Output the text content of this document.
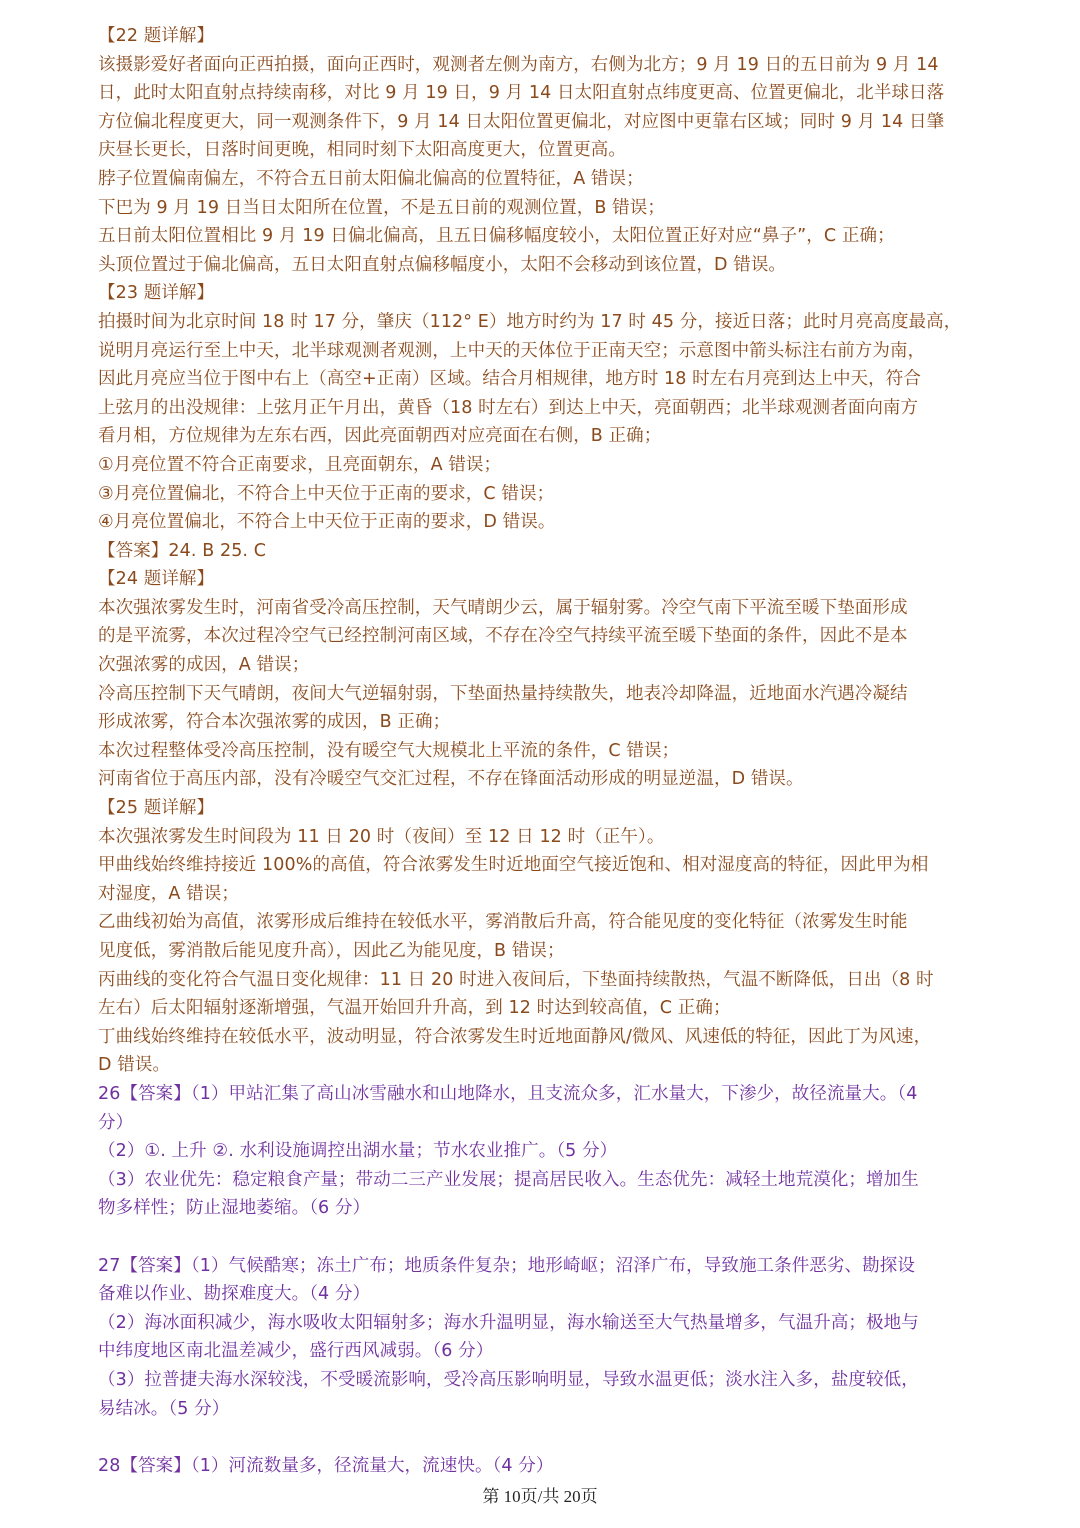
【22 题详解】
该摄影爱好者面向正西拍摄，面向正西时，观测者左侧为南方，右侧为北方；9 月 19 日的五日前为 9 月 14
日，此时太阳直射点持续南移，对比 9 月 19 日，9 月 14 日太阳直射点纬度更高、位置更偏北，北半球日落
方位偏北程度更大，同一观测条件下，9 月 14 日太阳位置更偏北，对应图中更靠右区域；同时 9 月 14 日肇
庆昼长更长，日落时间更晚，相同时刻下太阳高度更大，位置更高。
脖子位置偏南偏左，不符合五日前太阳偏北偏高的位置特征，A 错误；
下巴为 9 月 19 日当日太阳所在位置，不是五日前的观测位置，B 错误；
五日前太阳位置相比 9 月 19 日偏北偏高，且五日偏移幅度较小，太阳位置正好对应“鼻子”，C 正确；
头顶位置过于偏北偏高，五日太阳直射点偏移幅度小，太阳不会移动到该位置，D 错误。
【23 题详解】
拍摄时间为北京时间 18 时 17 分，肇庆（112° E）地方时约为 17 时 45 分，接近日落；此时月亮高度最高，
说明月亮运行至上中天，北半球观测者观测，上中天的天体位于正南天空；示意图中箭头标注右前方为南，
因此月亮应当位于图中右上（高空+正南）区域。结合月相规律，地方时 18 时左右月亮到达上中天，符合
上弦月的出没规律：上弦月正午月出，黄昏（18 时左右）到达上中天，亮面朝西；北半球观测者面向南方
看月相，方位规律为左东右西，因此亮面朝西对应亮面在右侧，B 正确；
①月亮位置不符合正南要求，且亮面朝东，A 错误；
③月亮位置偏北，不符合上中天位于正南的要求，C 错误；
④月亮位置偏北，不符合上中天位于正南的要求，D 错误。
【答案】24. B 25. C
【24 题详解】
本次强浓雾发生时，河南省受冷高压控制，天气晴朗少云，属于辐射雾。冷空气南下平流至暖下垫面形成
的是平流雾，本次过程冷空气已经控制河南区域，不存在冷空气持续平流至暖下垫面的条件，因此不是本
次强浓雾的成因，A 错误；
冷高压控制下天气晴朗，夜间大气逆辐射弱，下垫面热量持续散失，地表冷却降温，近地面水汽遇冷凝结
形成浓雾，符合本次强浓雾的成因，B 正确；
本次过程整体受冷高压控制，没有暖空气大规模北上平流的条件，C 错误；
河南省位于高压内部，没有冷暖空气交汇过程，不存在锋面活动形成的明显逆温，D 错误。
【25 题详解】
本次强浓雾发生时间段为 11 日 20 时（夜间）至 12 日 12 时（正午）。
甲曲线始终维持接近 100%的高值，符合浓雾发生时近地面空气接近饱和、相对湿度高的特征，因此甲为相
对湿度，A 错误；
乙曲线初始为高值，浓雾形成后维持在较低水平，雾消散后升高，符合能见度的变化特征（浓雾发生时能
见度低，雾消散后能见度升高），因此乙为能见度，B 错误；
丙曲线的变化符合气温日变化规律：11 日 20 时进入夜间后，下垫面持续散热，气温不断降低，日出（8 时
左右）后太阳辐射逐渐增强，气温开始回升升高，到 12 时达到较高值，C 正确；
丁曲线始终维持在较低水平，波动明显，符合浓雾发生时近地面静风/微风、风速低的特征，因此丁为风速，
D 错误。
26【答案】（1）甲站汇集了高山冰雪融水和山地降水，且支流众多，汇水量大，下渗少，故径流量大。（4
分）
（2）①. 上升 ②. 水利设施调控出湖水量；节水农业推广。（5 分）
（3）农业优先：稳定粮食产量；带动二三产业发展；提高居民收入。生态优先：减轻土地荒漠化；增加生
物多样性；防止湿地萎缩。（6 分）
27【答案】（1）气候酷寒；冻土广布；地质条件复杂；地形崎岖；沼泽广布，导致施工条件恶劣、勘探设
备难以作业、勘探难度大。（4 分）
（2）海冰面积减少，海水吸收太阳辐射多；海水升温明显，海水输送至大气热量增多，气温升高；极地与
中纬度地区南北温差减少，盛行西风减弱。（6 分）
（3）拉普捷夫海水深较浅，不受暖流影响，受冷高压影响明显，导致水温更低；淡水注入多，盐度较低，
易结冰。（5 分）
28【答案】（1）河流数量多，径流量大，流速快。（4 分）
第 10页/共 20页
